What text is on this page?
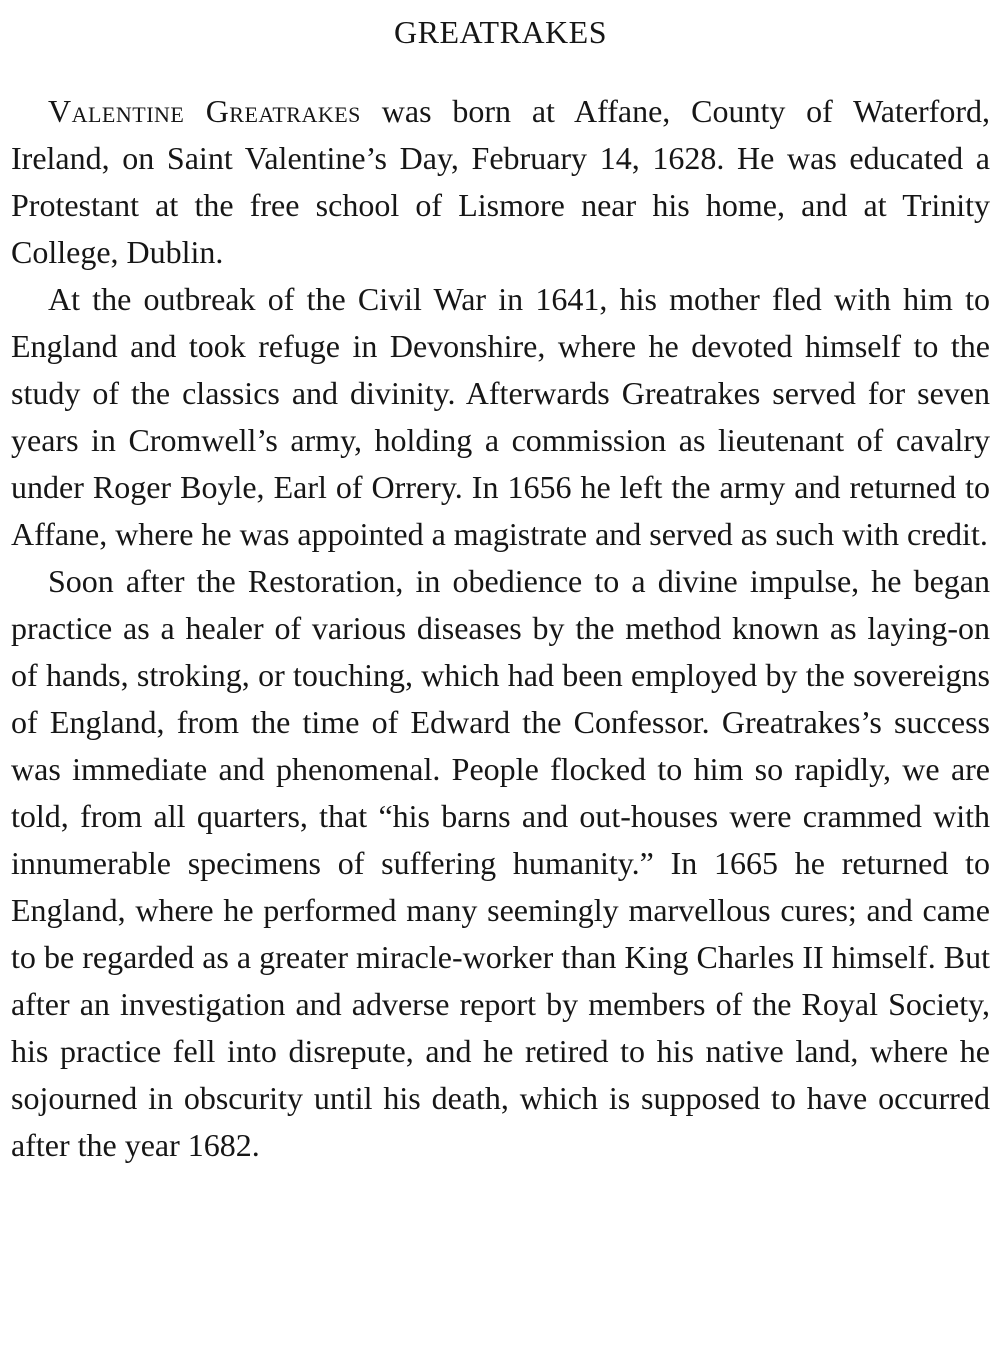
GREATRAKES

Valentine Greatrakes was born at Affane, County of Waterford, Ireland, on Saint Valentine’s Day, February 14, 1628. He was educated a Protestant at the free school of Lismore near his home, and at Trinity College, Dublin.

At the outbreak of the Civil War in 1641, his mother fled with him to England and took refuge in Devonshire, where he devoted himself to the study of the classics and divinity. Afterwards Greatrakes served for seven years in Cromwell’s army, holding a commission as lieutenant of cavalry under Roger Boyle, Earl of Orrery. In 1656 he left the army and returned to Affane, where he was appointed a magistrate and served as such with credit.

Soon after the Restoration, in obedience to a divine impulse, he began practice as a healer of various diseases by the method known as laying-on of hands, stroking, or touching, which had been employed by the sovereigns of England, from the time of Edward the Confessor. Greatrakes’s success was immediate and phenomenal. People flocked to him so rapidly, we are told, from all quarters, that “his barns and out-houses were crammed with innumerable specimens of suffering humanity.” In 1665 he returned to England, where he performed many seemingly marvellous cures; and came to be regarded as a greater miracle-worker than King Charles II himself. But after an investigation and adverse report by members of the Royal Society, his practice fell into disrepute, and he retired to his native land, where he sojourned in obscurity until his death, which is supposed to have occurred after the year 1682.
